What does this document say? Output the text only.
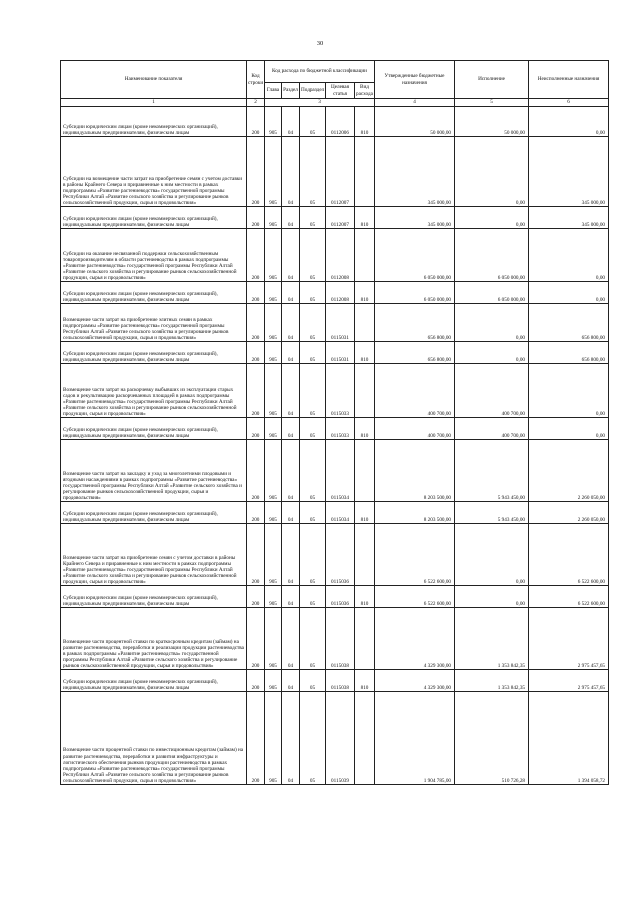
30
Наименование показателя	Код строки	Код расхода по бюджетной классификации					Утвержденные бюджетные назначения	Исполнение	Неисполненные назначения
		Глава	Раздел	Подраздел	Целевая статья	Вид расхода			
1	2	3					4	5	6
Субсидии юридическим лицам (кроме некоммерческих организаций), индивидуальным предпринимателям, физическим лицам	200	905	04	05	0112006	810	50 000,00	50 000,00	0,00
Субсидии на возмещение части затрат на приобретение семян с учетом доставки в районы Крайнего Севера и приравненные к ним местности в рамках подпрограммы «Развитие растениеводства» государственной программы Республики Алтай «Развитие сельского хозяйства и регулирование рынков сельскохозяйственной продукции, сырья и продовольствия»	200	905	04	05	0112007		345 000,00	0,00	345 000,00
Субсидии юридическим лицам (кроме некоммерческих организаций), индивидуальным предпринимателям, физическим лицам	200	905	04	05	0112007	810	345 000,00	0,00	345 000,00
Субсидии на оказание несвязанной поддержки сельскохозяйственным товаропроизводителям в области растениеводства в рамках подпрограммы «Развитие растениеводства» государственной программы Республики Алтай «Развитие сельского хозяйства и регулирование рынков сельскохозяйственной продукции, сырья и продовольствия»	200	905	04	05	0112008		6 050 000,00	6 050 000,00	0,00
Субсидии юридическим лицам (кроме некоммерческих организаций), индивидуальным предпринимателям, физическим лицам	200	905	04	05	0112008	810	6 050 000,00	6 050 000,00	0,00
Возмещение части затрат на приобретение элитных семян в рамках подпрограммы «Развитие растениеводства» государственной программы Республики Алтай «Развитие сельского хозяйства и регулирование рынков сельскохозяйственной продукции, сырья и продовольствия»	200	905	04	05	0115031		656 800,00	0,00	656 800,00
Субсидии юридическим лицам (кроме некоммерческих организаций), индивидуальным предпринимателям, физическим лицам	200	905	04	05	0115031	810	656 800,00	0,00	656 800,00
Возмещение части затрат на раскорчевку выбывших из эксплуатации старых садов и рекультивацию раскорчеванных площадей в рамках подпрограммы «Развитие растениеводства» государственной программы Республики Алтай «Развитие сельского хозяйства и регулирование рынков сельскохозяйственной продукции, сырья и продовольствия»	200	905	04	05	0115033		400 700,00	400 700,00	0,00
Субсидии юридическим лицам (кроме некоммерческих организаций), индивидуальным предпринимателям, физическим лицам	200	905	04	05	0115033	810	400 700,00	400 700,00	0,00
Возмещение части затрат на закладку и уход за многолетними плодовыми и ягодными насаждениями в рамках подпрограммы «Развитие растениеводства» государственной программы Республики Алтай «Развитие сельского хозяйства и регулирование рынков сельскохозяйственной продукции, сырья и продовольствия»	200	905	04	05	0115034		8 203 500,00	5 943 450,00	2 260 050,00
Субсидии юридическим лицам (кроме некоммерческих организаций), индивидуальным предпринимателям, физическим лицам	200	905	04	05	0115034	810	8 203 500,00	5 943 450,00	2 260 050,00
Возмещение части затрат на приобретение семян с учетом доставки в районы Крайнего Севера и приравненные к ним местности в рамках подпрограммы «Развитие растениеводства» государственной программы Республики Алтай «Развитие сельского хозяйства и регулирование рынков сельскохозяйственной продукции, сырья и продовольствия»	200	905	04	05	0115036		6 522 600,00	0,00	6 522 600,00
Субсидии юридическим лицам (кроме некоммерческих организаций), индивидуальным предпринимателям, физическим лицам	200	905	04	05	0115036	810	6 522 600,00	0,00	6 522 600,00
Возмещение части процентной ставки по краткосрочным кредитам (займам) на развитие растениеводства, переработки и реализации продукции растениеводства в рамках подпрограммы «Развитие растениеводства» государственной программы Республики Алтай «Развитие сельского хозяйства и регулирование рынков сельскохозяйственной продукции, сырья и продовольствия»	200	905	04	05	0115038		4 329 300,00	1 353 842,35	2 975 457,65
Субсидии юридическим лицам (кроме некоммерческих организаций), индивидуальным предпринимателям, физическим лицам	200	905	04	05	0115038	810	4 329 300,00	1 353 842,35	2 975 457,65
Возмещение части процентной ставки по инвестиционным кредитам (займам) на развитие растениеводства, переработки и развития инфраструктуры и логистического обеспечения рынков продукции растениеводства в рамках подпрограммы «Развитие растениеводства» государственной программы Республики Алтай «Развитие сельского хозяйства и регулирование рынков сельскохозяйственной продукции, сырья и продовольствия»	200	905	04	05	0115039		1 904 785,00	510 726,28	1 394 058,72
